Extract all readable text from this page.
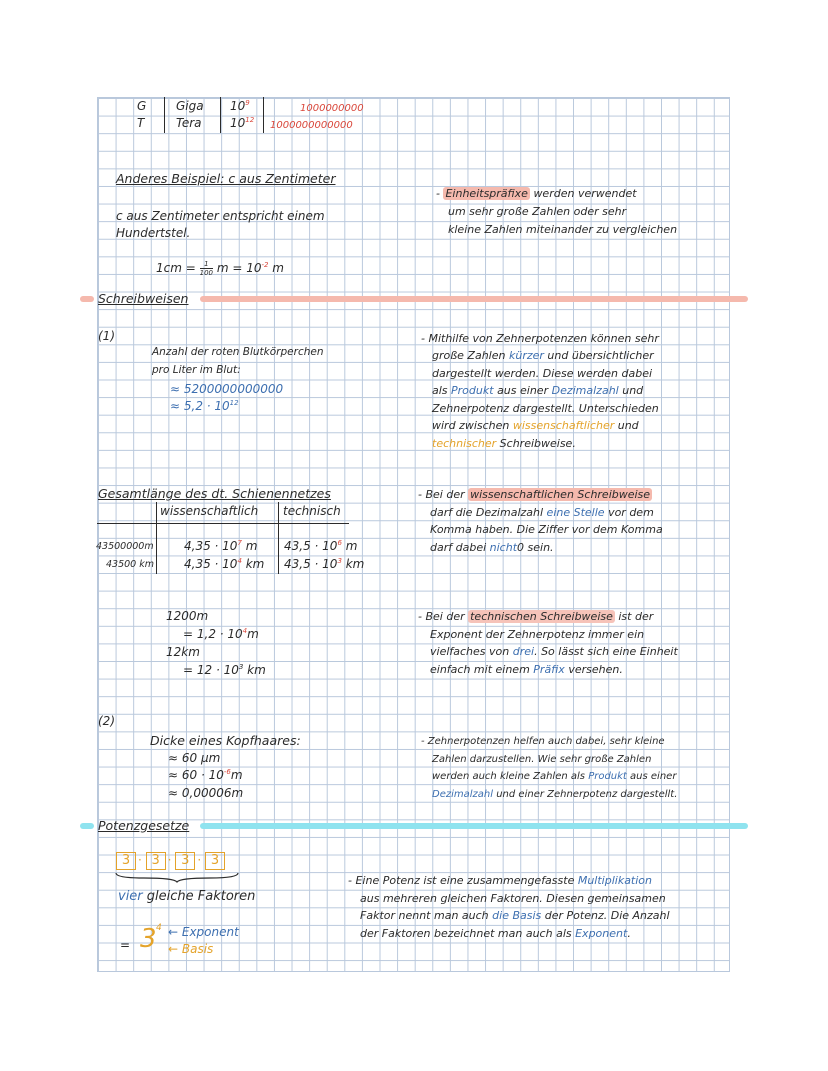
G
T
Giga
Tera
$10^9$
$10^{12}$
1000000000
1000000000000
Anderes Beispiel: c aus Zentimeter
c aus Zentimeter entspricht einem
Hundertstel.
$1cm = \frac{1}{100}$ $m = 10^{-2}$ m
- Einheitspräfixe werden verwendet
um sehr große Zahlen oder sehr
kleine Zahlen miteinander zu vergleichen
Schreibweisen
(1)
Anzahl der roten Blutkörperchen
pro Liter im Blut:
≈ 5200000000000
≈ $5,2 \cdot 10^{12}$
- Mithilfe von Zehnerpotenzen können sehr
große Zahlen kürzer und übersichtlicher
dargestellt werden. Diese werden dabei
als Produkt aus einer Dezimalzahl und
Zehnerpotenz dargestellt. Unterschieden
wird zwischen wissenschaftlicher und
technischer Schreibweise.
Gesamtlänge des dt. Schienennetzes
wissenschaftlich technisch
43500000m
43500 km
$4,35 \cdot 10^7$ m
$4,35 \cdot 10^4$ km
$43,5 \cdot 10^6$ m
$43,5 \cdot 10^3$ km
- Bei der wissenschaftlichen Schreibweise
darf die Dezimalzahl eine Stelle vor dem
Komma haben. Die Ziffer vor dem Komma
darf dabei nicht0 sein.
1200m
= $1,2 \cdot 10^4m$
12km
= $12 \cdot 10^3$ km
- Bei der technischen Schreibweise ist der
Exponent der Zehnerpotenz immer ein
vielfaches von drei. So lässt sich eine Einheit
einfach mit einem Präfix versehen.
(2)
Dicke eines Kopfhaares:
≈ 60 µm
≈ $60 \cdot 10^{-6}m$
≈ 0,00006m
- Zehnerpotenzen helfen auch dabei, sehr kleine
Zahlen darzustellen. Wie sehr große Zahlen
werden auch kleine Zahlen als Produkt aus einer
Dezimalzahl und einer Zehnerpotenz dargestellt.
Potenzgesetze
3 · 3 · 3 · 3
vier gleiche Faktoren
= 3 4 ← Exponent
← Basis
- Eine Potenz ist eine zusammengefasste Multiplikation
aus mehreren gleichen Faktoren. Diesen gemeinsamen
Faktor nennt man auch die Basis der Potenz. Die Anzahl
der Faktoren bezeichnet man auch als Exponent.
